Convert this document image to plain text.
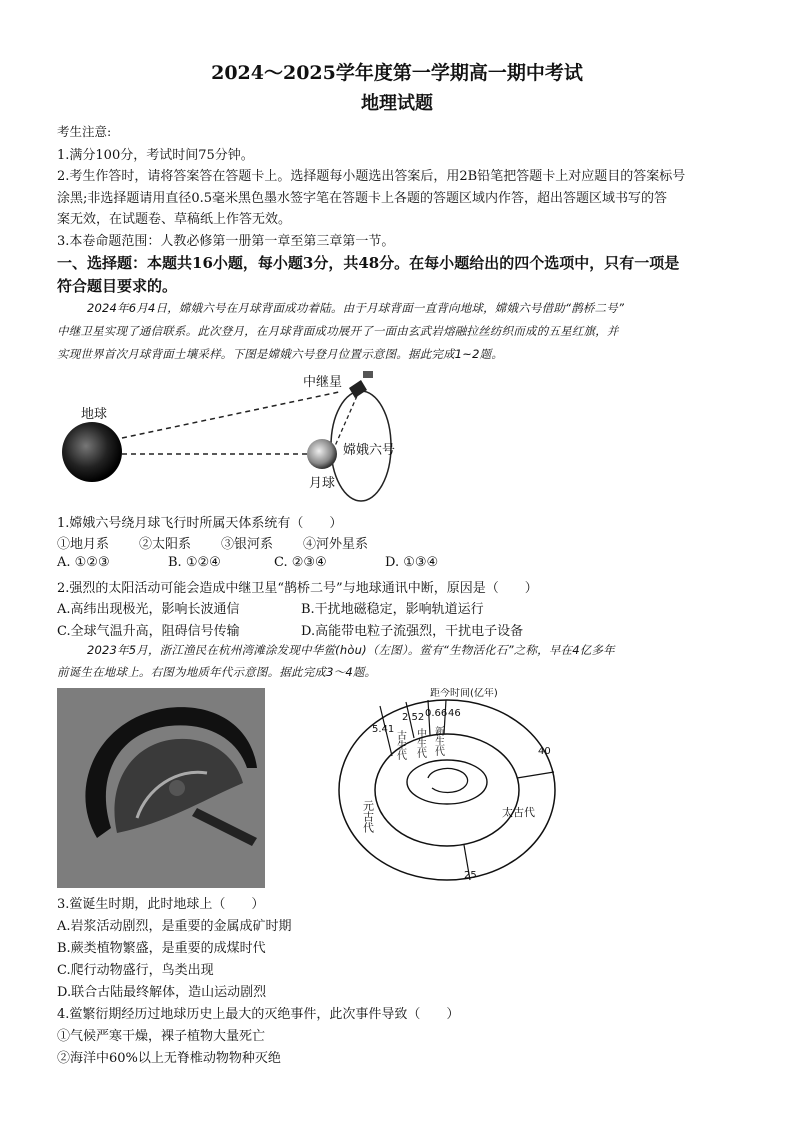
2024～2025学年度第一学期高一期中考试
地理试题
考生注意:
1.满分100分，考试时间75分钟。
2.考生作答时，请将答案答在答题卡上。选择题每小题选出答案后，用2B铅笔把答题卡上对应题目的答案标号
涂黑;非选择题请用直径0.5毫米黑色墨水签字笔在答题卡上各题的答题区域内作答，超出答题区域书写的答
案无效，在试题卷、草稿纸上作答无效。
3.本卷命题范围：人教必修第一册第一章至第三章第一节。
一、选择题：本题共16小题，每小题3分，共48分。在每小题给出的四个选项中，只有一项是
符合题目要求的。
2024年6月4日，嫦娥六号在月球背面成功着陆。由于月球背面一直背向地球，嫦娥六号借助“鹊桥二号”
中继卫星实现了通信联系。此次登月，在月球背面成功展开了一面由玄武岩熔融拉丝纺织而成的五星红旗，并
实现世界首次月球背面土壤采样。下图是嫦娥六号登月位置示意图。据此完成1~2题。
地球
月球
中继星
嫦娥六号
1.嫦娥六号绕月球飞行时所属天体系统有（　　）
①地月系 ②太阳系 ③银河系 ④河外星系
A. ①②③	B. ①②④	C. ②③④	D. ①③④
2.强烈的太阳活动可能会造成中继卫星“鹊桥二号”与地球通讯中断，原因是（　　）
A.高纬出现极光，影响长波通信	B.干扰地磁稳定，影响轨道运行
C.全球气温升高，阻碍信号传输	D.高能带电粒子流强烈，干扰电子设备
2023年5月，浙江渔民在杭州湾滩涂发现中华鲎(hòu)（左图）。鲎有“生物活化石”之称，早在4亿多年
前诞生在地球上。右图为地质年代示意图。据此完成3～4题。
距今时间(亿年)
5.41
2.52 0.66 46
40
25
古生代 中生代 新生代
太古代
元古代
3.鲎诞生时期，此时地球上（　　）
A.岩浆活动剧烈，是重要的金属成矿时期
B.蕨类植物繁盛，是重要的成煤时代
C.爬行动物盛行，鸟类出现
D.联合古陆最终解体，造山运动剧烈
4.鲎繁衍期经历过地球历史上最大的灭绝事件，此次事件导致（　　）
①气候严寒干燥，裸子植物大量死亡
②海洋中60%以上无脊椎动物物种灭绝
